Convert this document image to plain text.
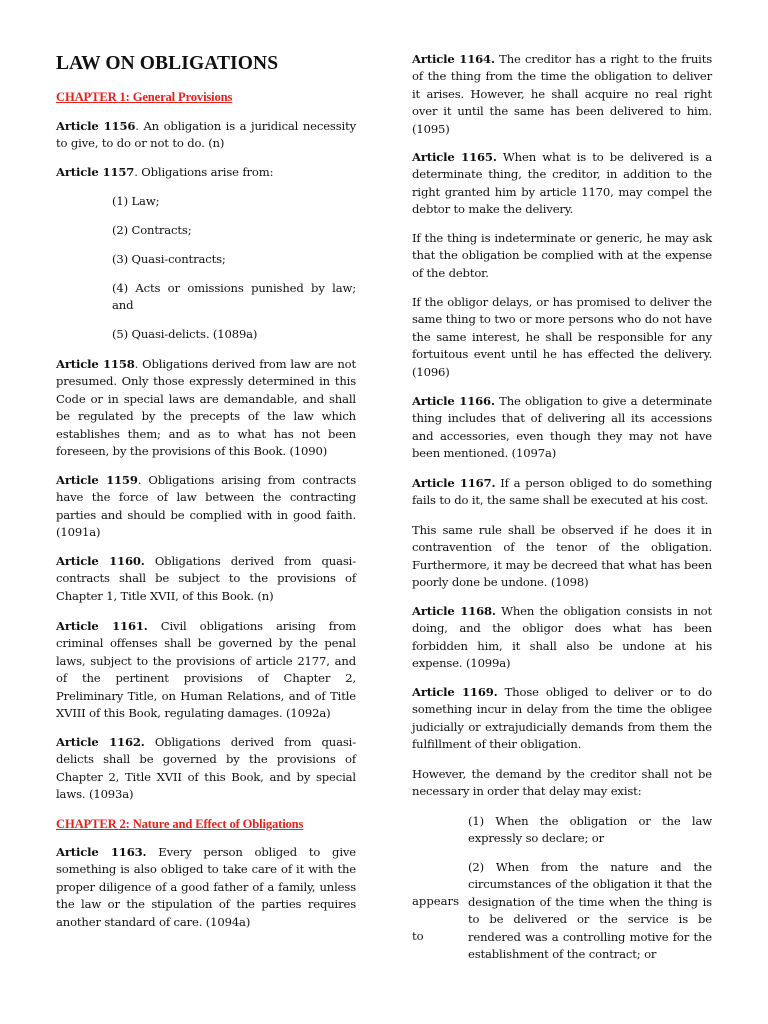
LAW ON OBLIGATIONS

CHAPTER 1: General Provisions

Article 1156. An obligation is a juridical necessity to give, to do or not to do. (n)

Article 1157. Obligations arise from:

(1) Law;

(2) Contracts;

(3) Quasi-contracts;

(4) Acts or omissions punished by law; and

(5) Quasi-delicts. (1089a)

Article 1158. Obligations derived from law are not presumed. Only those expressly determined in this Code or in special laws are demandable, and shall be regulated by the precepts of the law which establishes them; and as to what has not been foreseen, by the provisions of this Book. (1090)

Article 1159. Obligations arising from contracts have the force of law between the contracting parties and should be complied with in good faith. (1091a)

Article 1160. Obligations derived from quasi-contracts shall be subject to the provisions of Chapter 1, Title XVII, of this Book. (n)

Article 1161. Civil obligations arising from criminal offenses shall be governed by the penal laws, subject to the provisions of article 2177, and of the pertinent provisions of Chapter 2, Preliminary Title, on Human Relations, and of Title XVIII of this Book, regulating damages. (1092a)

Article 1162. Obligations derived from quasi-delicts shall be governed by the provisions of Chapter 2, Title XVII of this Book, and by special laws. (1093a)

CHAPTER 2: Nature and Effect of Obligations

Article 1163. Every person obliged to give something is also obliged to take care of it with the proper diligence of a good father of a family, unless the law or the stipulation of the parties requires another standard of care. (1094a)

Article 1164. The creditor has a right to the fruits of the thing from the time the obligation to deliver it arises. However, he shall acquire no real right over it until the same has been delivered to him. (1095)

Article 1165. When what is to be delivered is a determinate thing, the creditor, in addition to the right granted him by article 1170, may compel the debtor to make the delivery.

If the thing is indeterminate or generic, he may ask that the obligation be complied with at the expense of the debtor.

If the obligor delays, or has promised to deliver the same thing to two or more persons who do not have the same interest, he shall be responsible for any fortuitous event until he has effected the delivery. (1096)

Article 1166. The obligation to give a determinate thing includes that of delivering all its accessions and accessories, even though they may not have been mentioned. (1097a)

Article 1167. If a person obliged to do something fails to do it, the same shall be executed at his cost.

This same rule shall be observed if he does it in contravention of the tenor of the obligation. Furthermore, it may be decreed that what has been poorly done be undone. (1098)

Article 1168. When the obligation consists in not doing, and the obligor does what has been forbidden him, it shall also be undone at his expense. (1099a)

Article 1169. Those obliged to deliver or to do something incur in delay from the time the obligee judicially or extrajudicially demands from them the fulfillment of their obligation.

However, the demand by the creditor shall not be necessary in order that delay may exist:

(1) When the obligation or the law expressly so declare; or

(2) When from the nature and the circumstances of the obligation it that the designation of the time when the thing is to be delivered or the service is be rendered was a controlling motive for the establishment of the contract; or

appears
to
